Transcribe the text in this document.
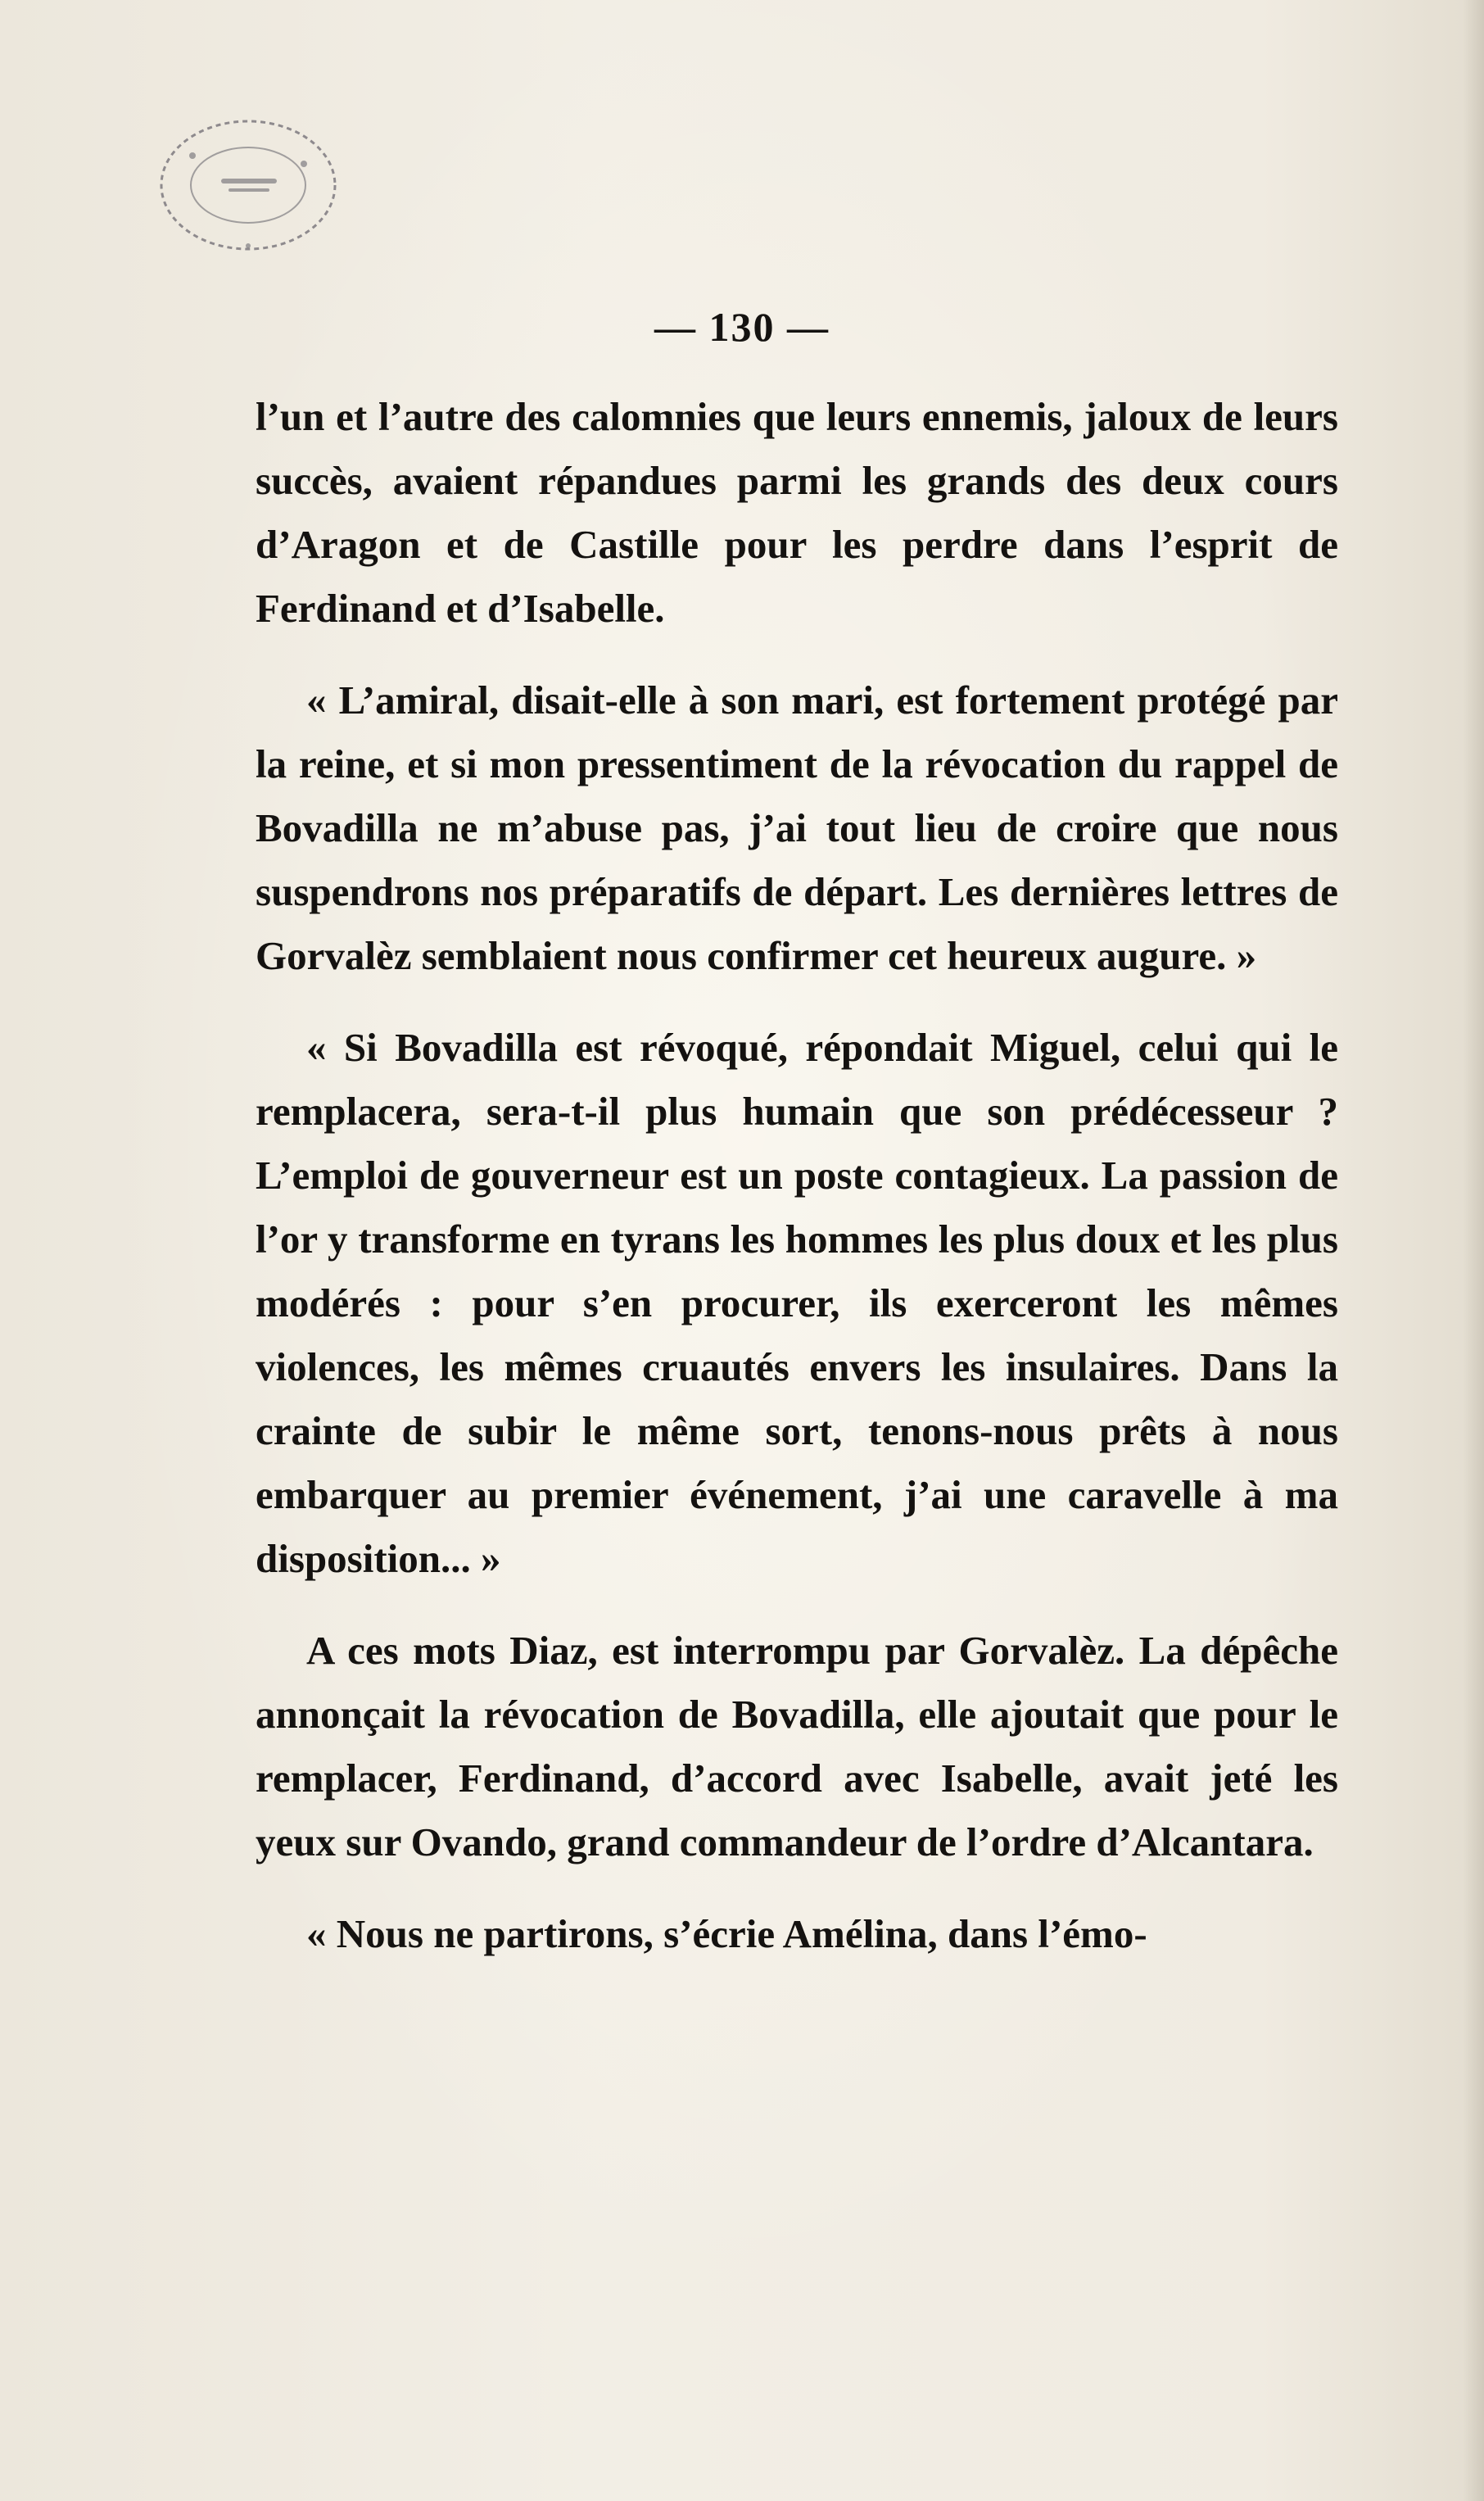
— 130 —

l’un et l’autre des calomnies que leurs ennemis, jaloux de leurs succès, avaient répandues parmi les grands des deux cours d’Aragon et de Castille pour les perdre dans l’esprit de Ferdinand et d’Isabelle.

« L’amiral, disait-elle à son mari, est fortement protégé par la reine, et si mon pressentiment de la révocation du rappel de Bovadilla ne m’abuse pas, j’ai tout lieu de croire que nous suspendrons nos préparatifs de départ. Les dernières lettres de Gorvalèz semblaient nous confirmer cet heureux augure. »

« Si Bovadilla est révoqué, répondait Miguel, celui qui le remplacera, sera-t-il plus humain que son prédécesseur ? L’emploi de gouverneur est un poste contagieux. La passion de l’or y transforme en tyrans les hommes les plus doux et les plus modérés : pour s’en procurer, ils exerceront les mêmes violences, les mêmes cruautés envers les insulaires. Dans la crainte de subir le même sort, tenons-nous prêts à nous embarquer au premier événement, j’ai une caravelle à ma disposition... »

A ces mots Diaz, est interrompu par Gorvalèz. La dépêche annonçait la révocation de Bovadilla, elle ajoutait que pour le remplacer, Ferdinand, d’accord avec Isabelle, avait jeté les yeux sur Ovando, grand commandeur de l’ordre d’Alcantara.

« Nous ne partirons, s’écrie Amélina, dans l’émo-
